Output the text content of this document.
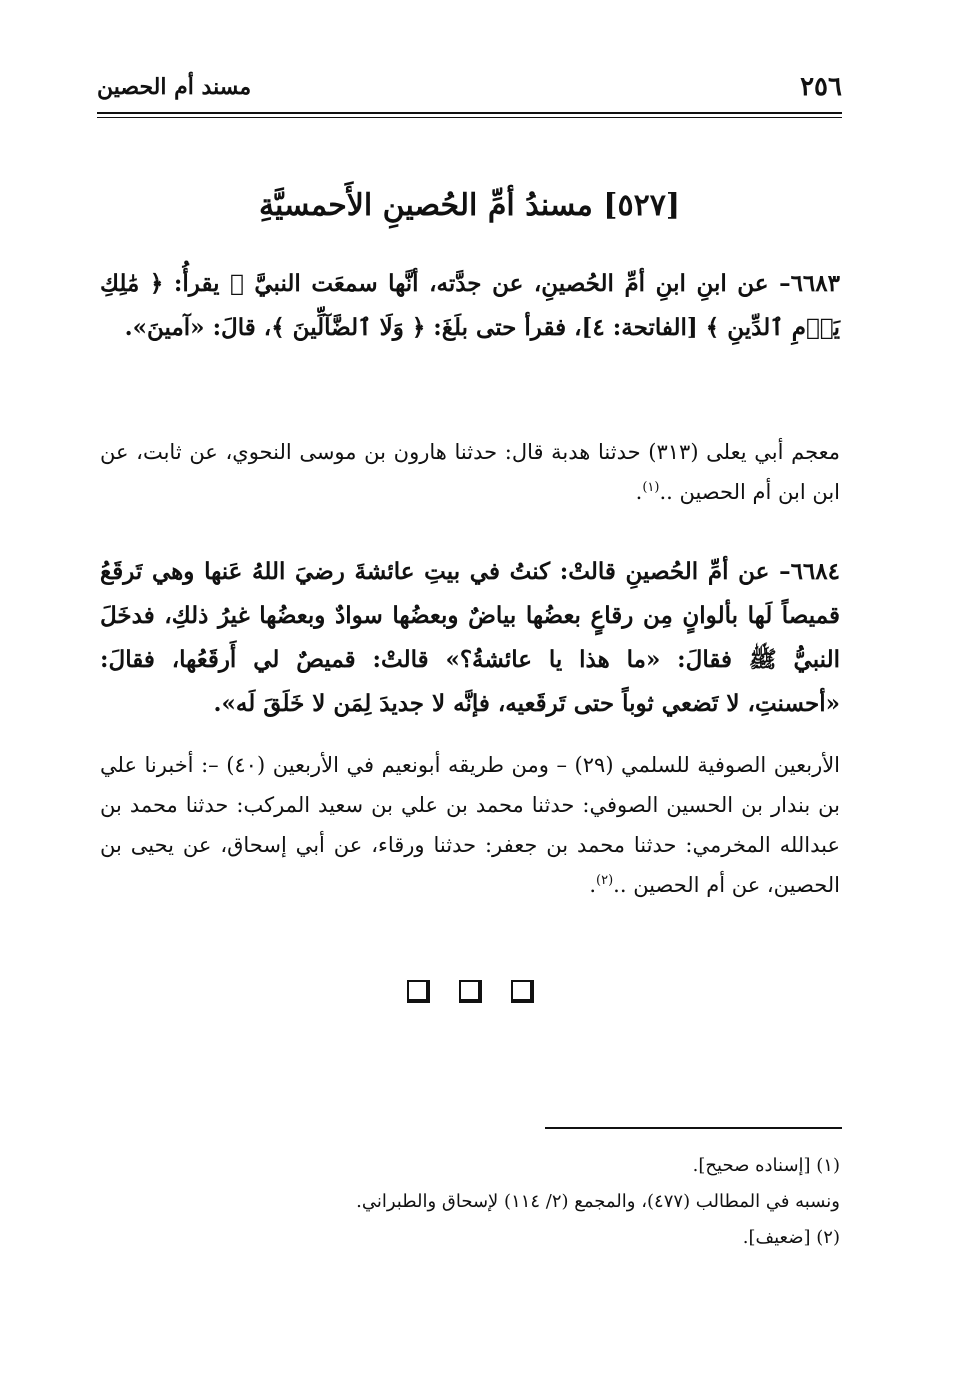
٢٥٦
مسند أم الحصين
[٥٢٧] مسندُ أمِّ الحُصينِ الأَحمسيَّةِ
٦٦٨٣– عن ابنِ ابنِ أمِّ الحُصينِ، عن جدَّته، أنَّها سمعَت النبيَّ ﷺ يقرأُ: ﴿ مَٰلِكِ يَوۡمِ ٱلدِّينِ ﴾ [الفاتحة: ٤]، فقرأ حتى بلَغَ: ﴿ وَلَا ٱلضَّآلِّينَ ﴾، قالَ: «آمينَ».
معجم أبي يعلى (٣١٣) حدثنا هدبة قال: حدثنا هارون بن موسى النحوي، عن ثابت، عن ابن ابن أم الحصين ..$^{(١)}$.
٦٦٨٤– عن أمِّ الحُصينِ قالتْ: كنتُ في بيتِ عائشةَ رضيَ اللهُ عَنها وهي تَرقَعُ قميصاً لَها بألوانٍ مِن رقاعٍ بعضُها بياضٌ وبعضُها سوادٌ وبعضُها غيرُ ذلكِ، فدخَلَ النبيُّ ﷺ فقالَ: «ما هذا يا عائشةُ؟» قالتْ: قميصٌ لي أَرقَعُها، فقالَ: «أحسنتِ، لا تَضعي ثوباً حتى تَرقَعيه، فإنَّه لا جديدَ لِمَن لا خَلَقَ لَه».
الأربعين الصوفية للسلمي (٢٩) – ومن طريقه أبونعيم في الأربعين (٤٠) –: أخبرنا علي بن بندار بن الحسين الصوفي: حدثنا محمد بن علي بن سعيد المركب: حدثنا محمد بن عبدالله المخرمي: حدثنا محمد بن جعفر: حدثنا ورقاء، عن أبي إسحاق، عن يحيى بن الحصين، عن أم الحصين ..$^{(٢)}$.

(١) [إسناده صحيح].

ونسبه في المطالب (٤٧٧)، والمجمع (٢/ ١١٤) لإسحاق والطبراني.

(٢) [ضعيف].
